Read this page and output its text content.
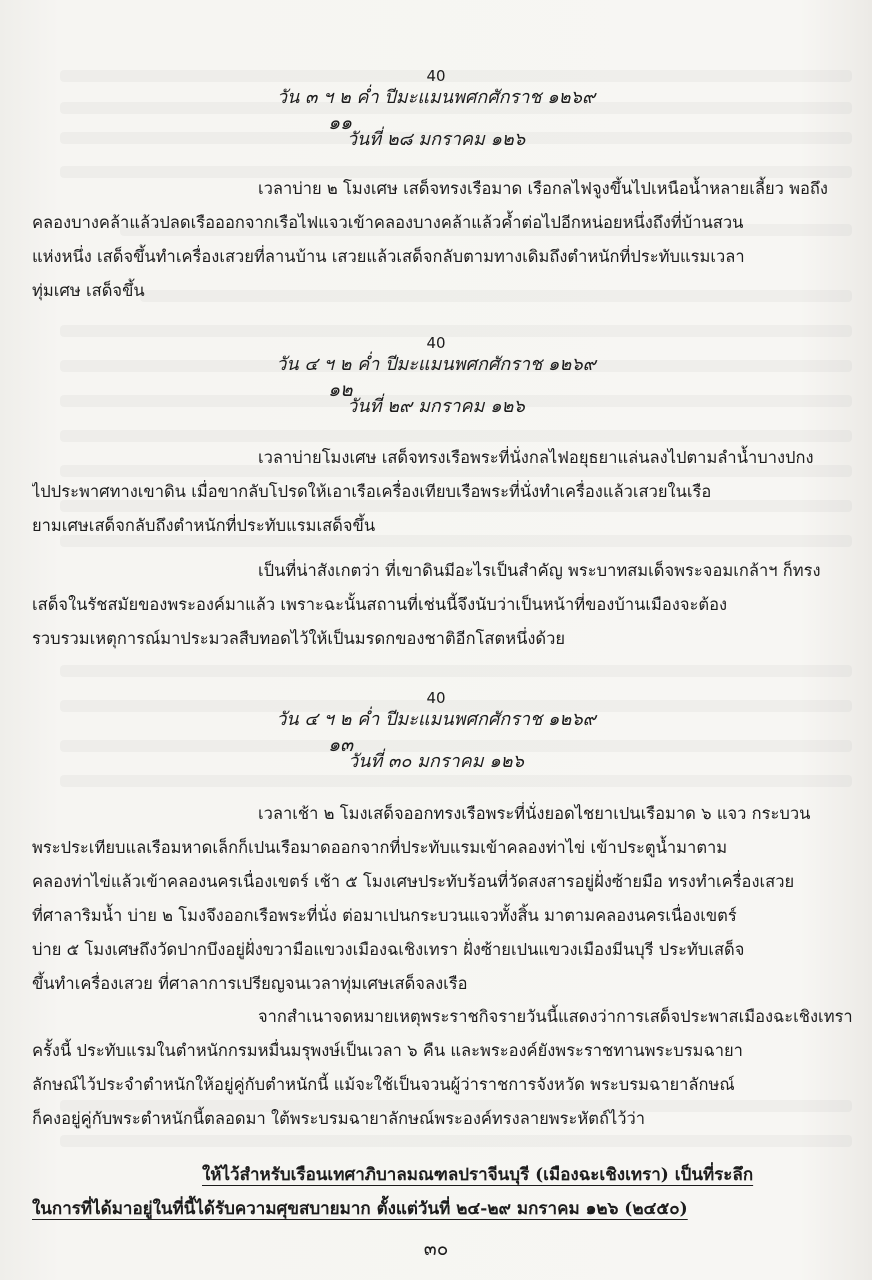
40
วัน ๓ ฯ ๒ ค่ำ ปีมะแมนพศกศักราช ๑๒๖๙
๑๑
วันที่ ๒๘ มกราคม ๑๒๖
เวลาบ่าย ๒ โมงเศษ เสด็จทรงเรือมาด เรือกลไฟจูงขึ้นไปเหนือน้ำหลายเลี้ยว พอถึง
คลองบางคล้าแล้วปลดเรือออกจากเรือไฟแจวเข้าคลองบางคล้าแล้วค้ำต่อไปอีกหน่อยหนึ่งถึงที่บ้านสวน
แห่งหนึ่ง เสด็จขึ้นทำเครื่องเสวยที่ลานบ้าน เสวยแล้วเสด็จกลับตามทางเดิมถึงตำหนักที่ประทับแรมเวลา
ทุ่มเศษ เสด็จขึ้น
40
วัน ๔ ฯ ๒ ค่ำ ปีมะแมนพศกศักราช ๑๒๖๙
๑๒
วันที่ ๒๙ มกราคม ๑๒๖
เวลาบ่ายโมงเศษ เสด็จทรงเรือพระที่นั่งกลไฟอยุธยาแล่นลงไปตามลำน้ำบางปกง
ไปประพาศทางเขาดิน เมื่อขากลับโปรดให้เอาเรือเครื่องเทียบเรือพระที่นั่งทำเครื่องแล้วเสวยในเรือ
ยามเศษเสด็จกลับถึงตำหนักที่ประทับแรมเสด็จขึ้น
เป็นที่น่าสังเกตว่า ที่เขาดินมีอะไรเป็นสำคัญ พระบาทสมเด็จพระจอมเกล้าฯ ก็ทรง
เสด็จในรัชสมัยของพระองค์มาแล้ว เพราะฉะนั้นสถานที่เช่นนี้จึงนับว่าเป็นหน้าที่ของบ้านเมืองจะต้อง
รวบรวมเหตุการณ์มาประมวลสืบทอดไว้ให้เป็นมรดกของชาติอีกโสตหนึ่งด้วย
40
วัน ๔ ฯ ๒ ค่ำ ปีมะแมนพศกศักราช ๑๒๖๙
๑๓
วันที่ ๓๐ มกราคม ๑๒๖
เวลาเช้า ๒ โมงเสด็จออกทรงเรือพระที่นั่งยอดไชยาเปนเรือมาด ๖ แจว กระบวน
พระประเทียบแลเรือมหาดเล็กก็เปนเรือมาดออกจากที่ประทับแรมเข้าคลองท่าไข่ เข้าประตูน้ำมาตาม
คลองท่าไข่แล้วเข้าคลองนครเนื่องเขตร์ เช้า ๕ โมงเศษประทับร้อนที่วัดสงสารอยู่ฝั่งซ้ายมือ ทรงทำเครื่องเสวย
ที่ศาลาริมน้ำ บ่าย ๒ โมงจึงออกเรือพระที่นั่ง ต่อมาเปนกระบวนแจวทั้งสิ้น มาตามคลองนครเนื่องเขตร์
บ่าย ๕ โมงเศษถึงวัดปากบึงอยู่ฝั่งขวามือแขวงเมืองฉเชิงเทรา ฝั่งซ้ายเปนแขวงเมืองมีนบุรี ประทับเสด็จ
ขึ้นทำเครื่องเสวย ที่ศาลาการเปรียญจนเวลาทุ่มเศษเสด็จลงเรือ
จากสำเนาจดหมายเหตุพระราชกิจรายวันนี้แสดงว่าการเสด็จประพาสเมืองฉะเชิงเทรา
ครั้งนี้ ประทับแรมในตำหนักกรมหมื่นมรุพงษ์เป็นเวลา ๖ คืน และพระองค์ยังพระราชทานพระบรมฉายา
ลักษณ์ไว้ประจำตำหนักให้อยู่คู่กับตำหนักนี้ แม้จะใช้เป็นจวนผู้ว่าราชการจังหวัด พระบรมฉายาลักษณ์
ก็คงอยู่คู่กับพระตำหนักนี้ตลอดมา ใต้พระบรมฉายาลักษณ์พระองค์ทรงลายพระหัตถ์ไว้ว่า
ให้ไว้สำหรับเรือนเทศาภิบาลมณฑลปราจีนบุรี (เมืองฉะเชิงเทรา) เป็นที่ระลึก
ในการที่ได้มาอยู่ในที่นี้ได้รับความศุขสบายมาก ตั้งแต่วันที่ ๒๔-๒๙ มกราคม ๑๒๖ (๒๔๕๐)
๓๐
